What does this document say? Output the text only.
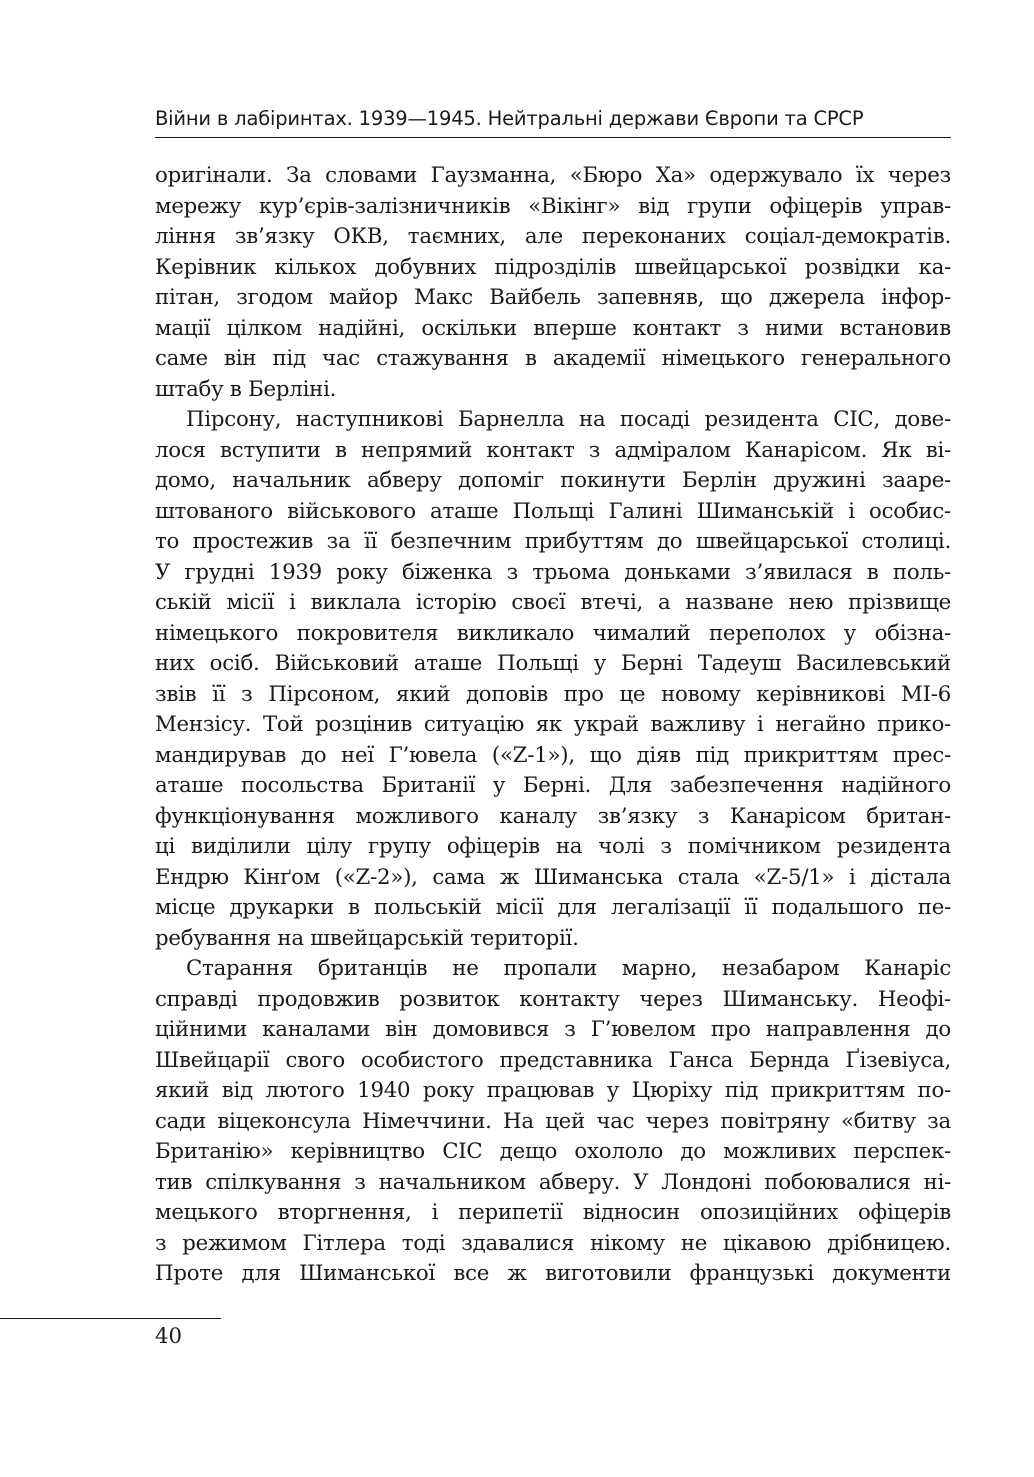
Війни в лабіринтах. 1939—1945. Нейтральні держави Європи та СРСР
оригінали. За словами Гаузманна, «Бюро Ха» одержувало їх через
мережу кур’єрів-залізничників «Вікінг» від групи офіцерів управ-
ління зв’язку ОКВ, таємних, але переконаних соціал-демократів.
Керівник кількох добувних підрозділів швейцарської розвідки ка-
пітан, згодом майор Макс Вайбель запевняв, що джерела інфор-
мації цілком надійні, оскільки вперше контакт з ними встановив
саме він під час стажування в академії німецького генерального
штабу в Берліні.
Пірсону, наступникові Барнелла на посаді резидента СІС, дове-
лося вступити в непрямий контакт з адміралом Канарісом. Як ві-
домо, начальник абверу допоміг покинути Берлін дружині зааре-
штованого військового аташе Польщі Галині Шиманській і особис-
то простежив за її безпечним прибуттям до швейцарської столиці.
У грудні 1939 року біженка з трьома доньками з’явилася в поль-
ській місії і виклала історію своєї втечі, а назване нею прізвище
німецького покровителя викликало чималий переполох у обізна-
них осіб. Військовий аташе Польщі у Берні Тадеуш Василевський
звів її з Пірсоном, який доповів про це новому керівникові МІ-6
Мензісу. Той розцінив ситуацію як украй важливу і негайно прико-
мандирував до неї Г’ювела («Z-1»), що діяв під прикриттям прес-
аташе посольства Британії у Берні. Для забезпечення надійного
функціонування можливого каналу зв’язку з Канарісом британ-
ці виділили цілу групу офіцерів на чолі з помічником резидента
Ендрю Кінґом («Z-2»), сама ж Шиманська стала «Z-5/1» і дістала
місце друкарки в польській місії для легалізації її подальшого пе-
ребування на швейцарській території.
Старання британців не пропали марно, незабаром Канаріс
справді продовжив розвиток контакту через Шиманську. Неофі-
ційними каналами він домовився з Г’ювелом про направлення до
Швейцарії свого особистого представника Ганса Бернда Ґізевіуса,
який від лютого 1940 року працював у Цюріху під прикриттям по-
сади віцеконсула Німеччини. На цей час через повітряну «битву за
Британію» керівництво СІС дещо охололо до можливих перспек-
тив спілкування з начальником абверу. У Лондоні побоювалися ні-
мецького вторгнення, і перипетії відносин опозиційних офіцерів
з режимом Гітлера тоді здавалися нікому не цікавою дрібницею.
Проте для Шиманської все ж виготовили французькі документи
40
